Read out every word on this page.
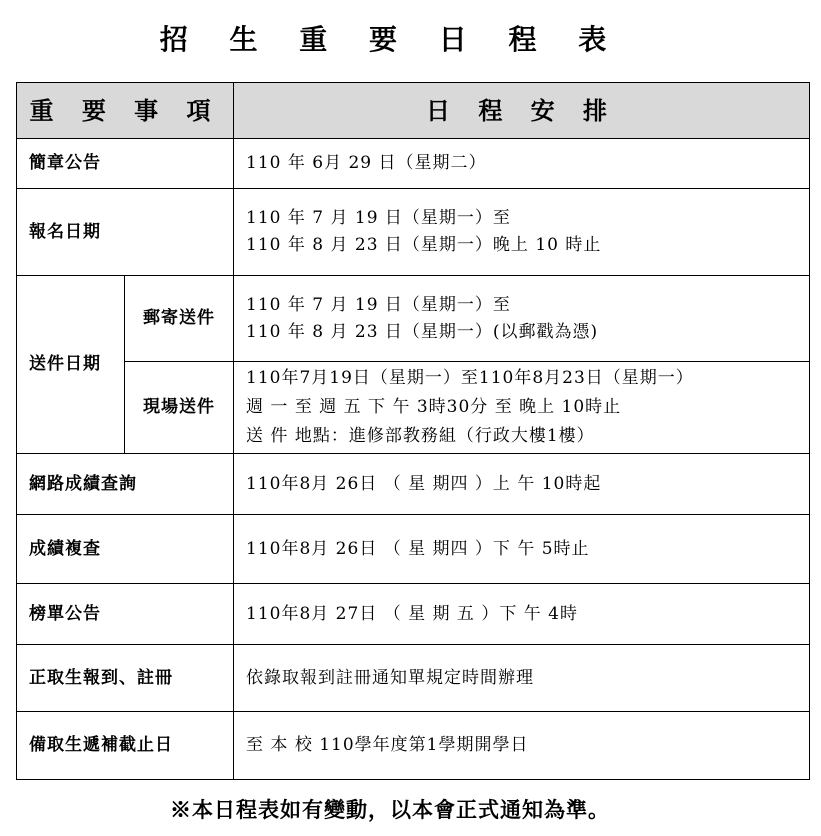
招 生 重 要 日 程 表
重 要 事 項		日 程 安 排
簡章公告		110 年 6月 29 日（星期二）

報名日期		110 年 7 月 19 日（星期一）至
110 年 8 月 23 日（星期一）晚上 10 時止

送件日期	郵寄送件	110 年 7 月 19 日（星期一）至
110 年 8 月 23 日（星期一）(以郵戳為憑)

	現場送件	110年7月19日（星期一）至110年8月23日（星期一）
週 一 至 週 五 下 午 3時30分 至 晚上 10時止
送 件 地點：進修部教務組（行政大樓1樓）

網路成績查詢		110年8月 26日 （ 星 期四 ）上 午 10時起

成績複查		110年8月 26日 （ 星 期四 ）下 午 5時止

榜單公告		110年8月 27日 （ 星 期 五 ）下 午 4時

正取生報到、註冊		依錄取報到註冊通知單規定時間辦理

備取生遞補截止日		至 本 校 110學年度第1學期開學日
※本日程表如有變動，以本會正式通知為準。
